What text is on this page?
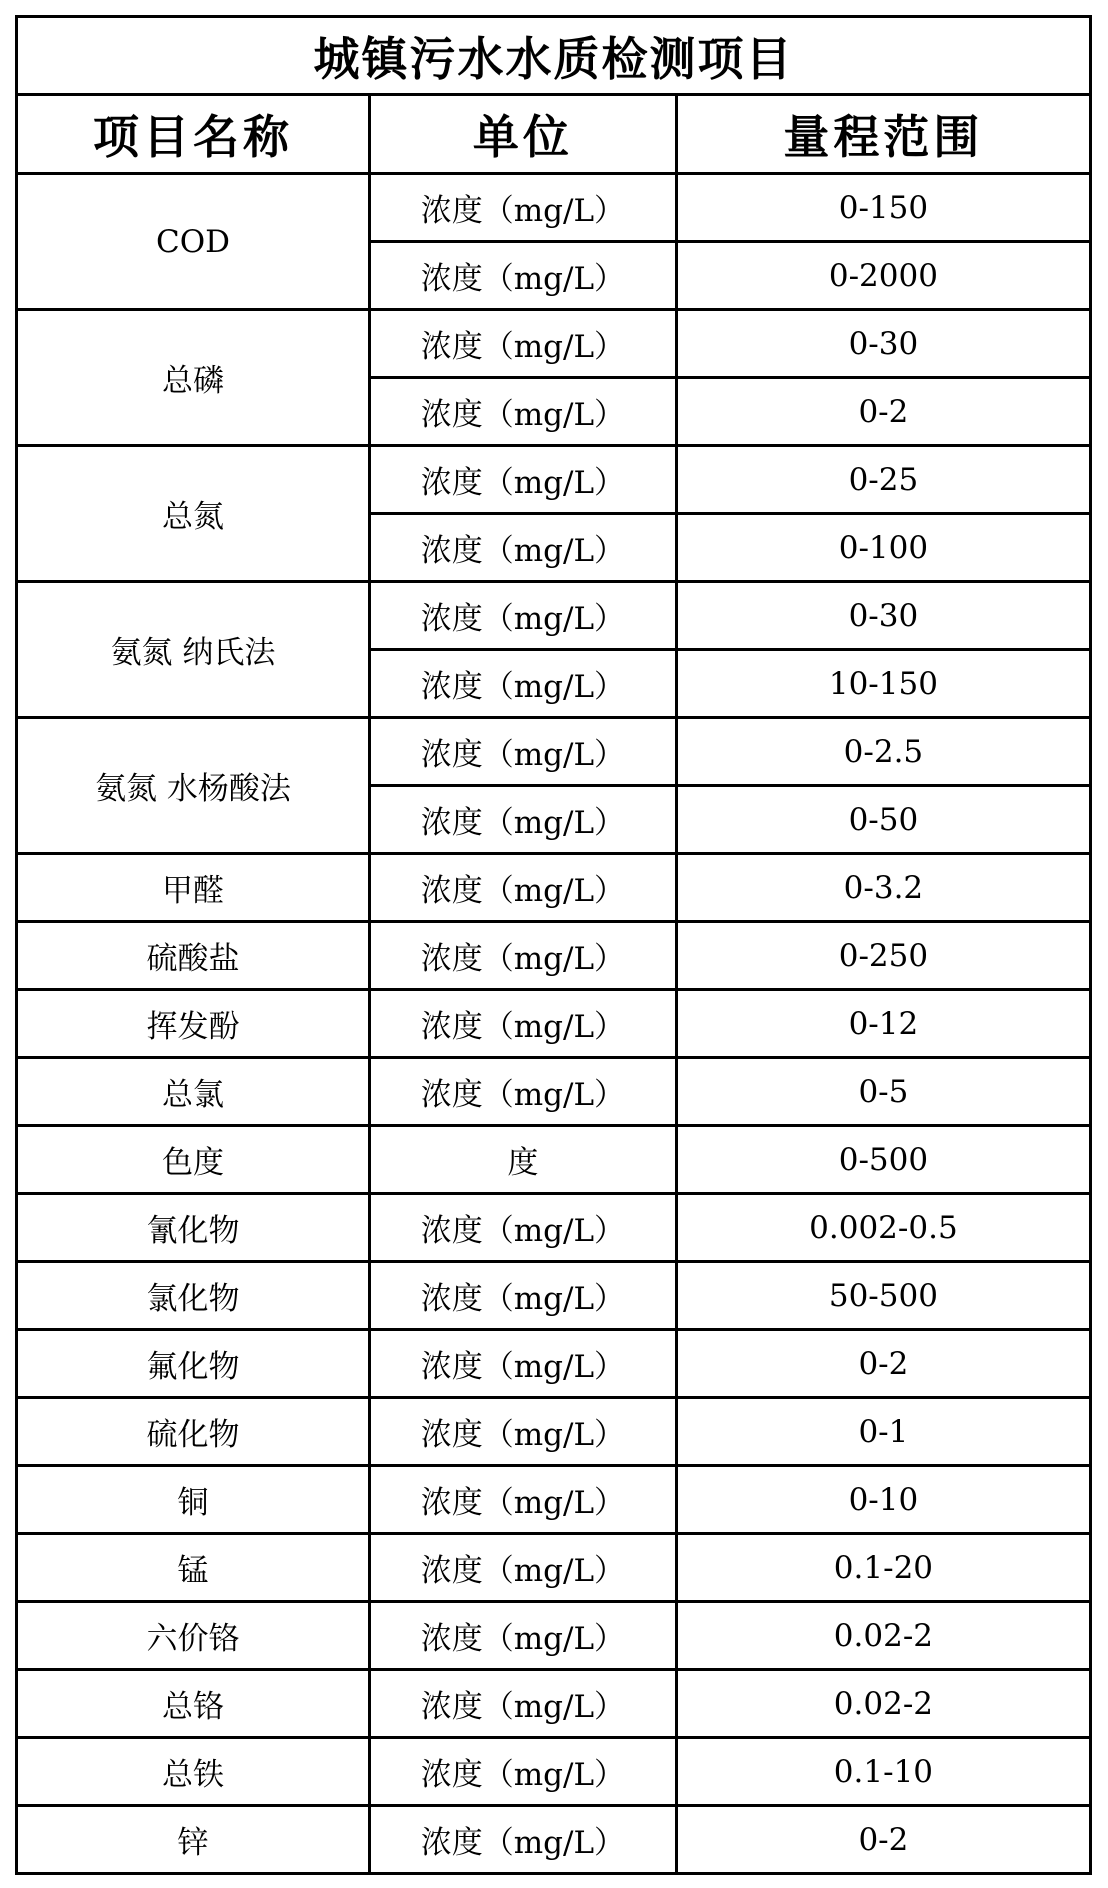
城镇污水水质检测项目		
项目名称	单位	量程范围
COD	浓度（mg/L）	0-150
	浓度（mg/L）	0-2000
总磷	浓度（mg/L）	0-30
	浓度（mg/L）	0-2
总氮	浓度（mg/L）	0-25
	浓度（mg/L）	0-100
氨氮 纳氏法	浓度（mg/L）	0-30
	浓度（mg/L）	10-150
氨氮 水杨酸法	浓度（mg/L）	0-2.5
	浓度（mg/L）	0-50
甲醛	浓度（mg/L）	0-3.2
硫酸盐	浓度（mg/L）	0-250
挥发酚	浓度（mg/L）	0-12
总氯	浓度（mg/L）	0-5
色度	度	0-500
氰化物	浓度（mg/L）	0.002-0.5
氯化物	浓度（mg/L）	50-500
氟化物	浓度（mg/L）	0-2
硫化物	浓度（mg/L）	0-1
铜	浓度（mg/L）	0-10
锰	浓度（mg/L）	0.1-20
六价铬	浓度（mg/L）	0.02-2
总铬	浓度（mg/L）	0.02-2
总铁	浓度（mg/L）	0.1-10
锌	浓度（mg/L）	0-2
